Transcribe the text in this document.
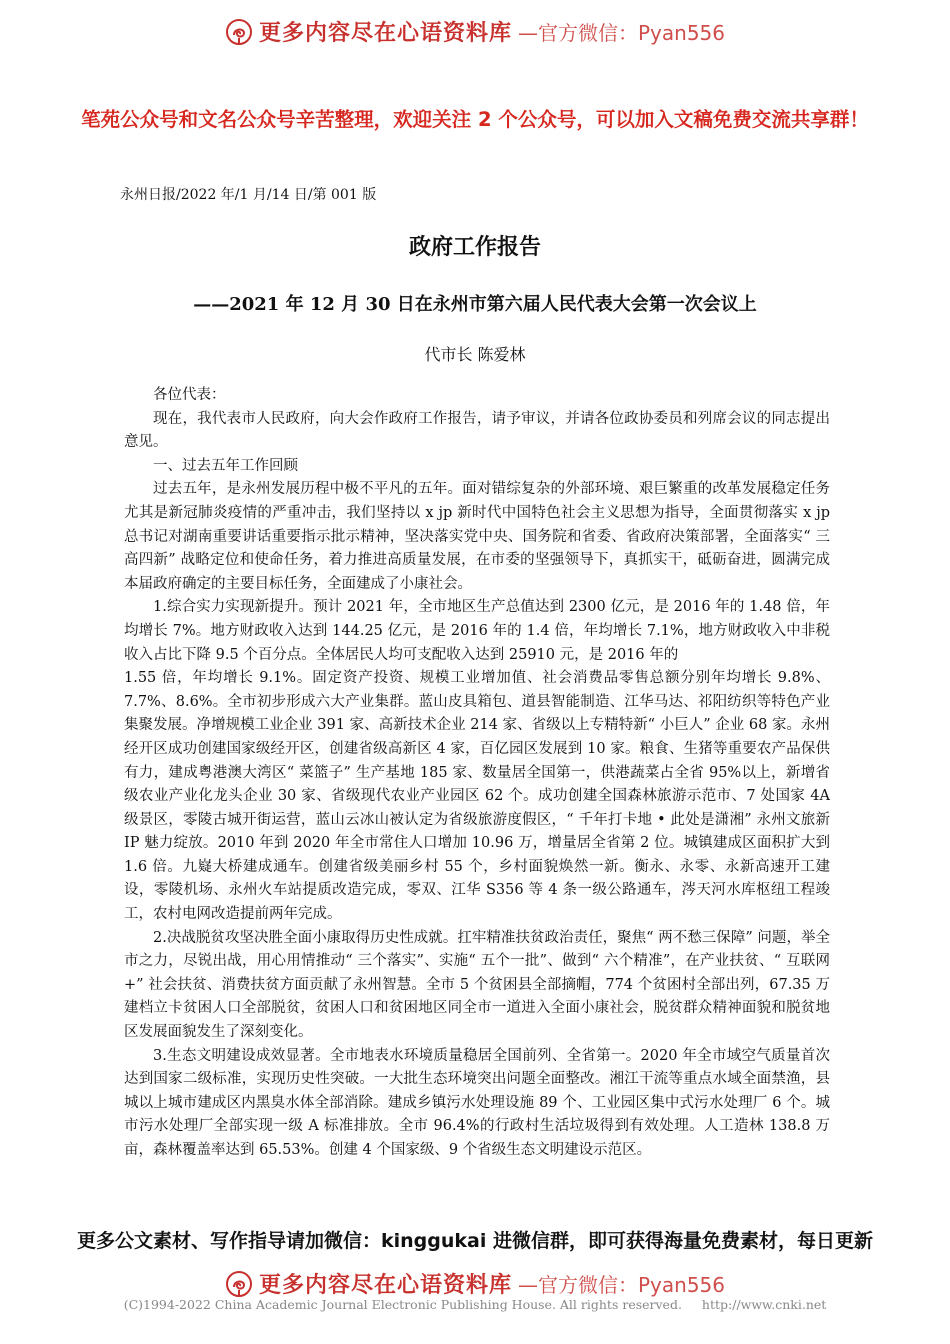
更多内容尽在心语资料库 —官方微信：Pyan556
笔苑公众号和文名公众号辛苦整理，欢迎关注 2 个公众号，可以加入文稿免费交流共享群！
永州日报/2022 年/1 月/14 日/第 001 版
政府工作报告
——2021 年 12 月 30 日在永州市第六届人民代表大会第一次会议上
代市长 陈爱林

各位代表：

现在，我代表市人民政府，向大会作政府工作报告，请予审议，并请各位政协委员和列席会议的同志提出意见。

一、过去五年工作回顾

过去五年，是永州发展历程中极不平凡的五年。面对错综复杂的外部环境、艰巨繁重的改革发展稳定任务尤其是新冠肺炎疫情的严重冲击，我们坚持以 x jp 新时代中国特色社会主义思想为指导，全面贯彻落实 x jp 总书记对湖南重要讲话重要指示批示精神，坚决落实党中央、国务院和省委、省政府决策部署，全面落实“ 三高四新” 战略定位和使命任务，着力推进高质量发展，在市委的坚强领导下，真抓实干，砥砺奋进，圆满完成本届政府确定的主要目标任务，全面建成了小康社会。

1.综合实力实现新提升。预计 2021 年，全市地区生产总值达到 2300 亿元，是 2016 年的 1.48 倍，年均增长 7%。地方财政收入达到 144.25 亿元，是 2016 年的 1.4 倍，年均增长 7.1%，地方财政收入中非税收入占比下降 9.5 个百分点。全体居民人均可支配收入达到 25910 元，是 2016 年的

1.55 倍，年均增长 9.1%。固定资产投资、规模工业增加值、社会消费品零售总额分别年均增长 9.8%、7.7%、8.6%。全市初步形成六大产业集群。蓝山皮具箱包、道县智能制造、江华马达、祁阳纺织等特色产业集聚发展。净增规模工业企业 391 家、高新技术企业 214 家、省级以上专精特新“ 小巨人” 企业 68 家。永州经开区成功创建国家级经开区，创建省级高新区 4 家，百亿园区发展到 10 家。粮食、生猪等重要农产品保供有力，建成粤港澳大湾区“ 菜篮子” 生产基地 185 家、数量居全国第一，供港蔬菜占全省 95%以上，新增省级农业产业化龙头企业 30 家、省级现代农业产业园区 62 个。成功创建全国森林旅游示范市、7 处国家 4A 级景区，零陵古城开街运营，蓝山云冰山被认定为省级旅游度假区，“ 千年打卡地 • 此处是潇湘” 永州文旅新 IP 魅力绽放。2010 年到 2020 年全市常住人口增加 10.96 万，增量居全省第 2 位。城镇建成区面积扩大到 1.6 倍。九嶷大桥建成通车。创建省级美丽乡村 55 个，乡村面貌焕然一新。衡永、永零、永新高速开工建设，零陵机场、永州火车站提质改造完成，零双、江华 S356 等 4 条一级公路通车，涔天河水库枢纽工程竣工，农村电网改造提前两年完成。

2.决战脱贫攻坚决胜全面小康取得历史性成就。扛牢精准扶贫政治责任，聚焦“ 两不愁三保障” 问题，举全市之力，尽锐出战，用心用情推动“ 三个落实”、实施“ 五个一批”、做到“ 六个精准”，在产业扶贫、“ 互联网+” 社会扶贫、消费扶贫方面贡献了永州智慧。全市 5 个贫困县全部摘帽，774 个贫困村全部出列，67.35 万建档立卡贫困人口全部脱贫，贫困人口和贫困地区同全市一道进入全面小康社会，脱贫群众精神面貌和脱贫地区发展面貌发生了深刻变化。

3.生态文明建设成效显著。全市地表水环境质量稳居全国前列、全省第一。2020 年全市域空气质量首次达到国家二级标准，实现历史性突破。一大批生态环境突出问题全面整改。湘江干流等重点水域全面禁渔，县城以上城市建成区内黑臭水体全部消除。建成乡镇污水处理设施 89 个、工业园区集中式污水处理厂 6 个。城市污水处理厂全部实现一级 A 标准排放。全市 96.4%的行政村生活垃圾得到有效处理。人工造林 138.8 万亩，森林覆盖率达到 65.53%。创建 4 个国家级、9 个省级生态文明建设示范区。

更多公文素材、写作指导请加微信：kinggukai 进微信群，即可获得海量免费素材，每日更新
更多内容尽在心语资料库 —官方微信：Pyan556
(C)1994-2022 China Academic Journal Electronic Publishing House. All rights reserved. http://www.cnki.net
